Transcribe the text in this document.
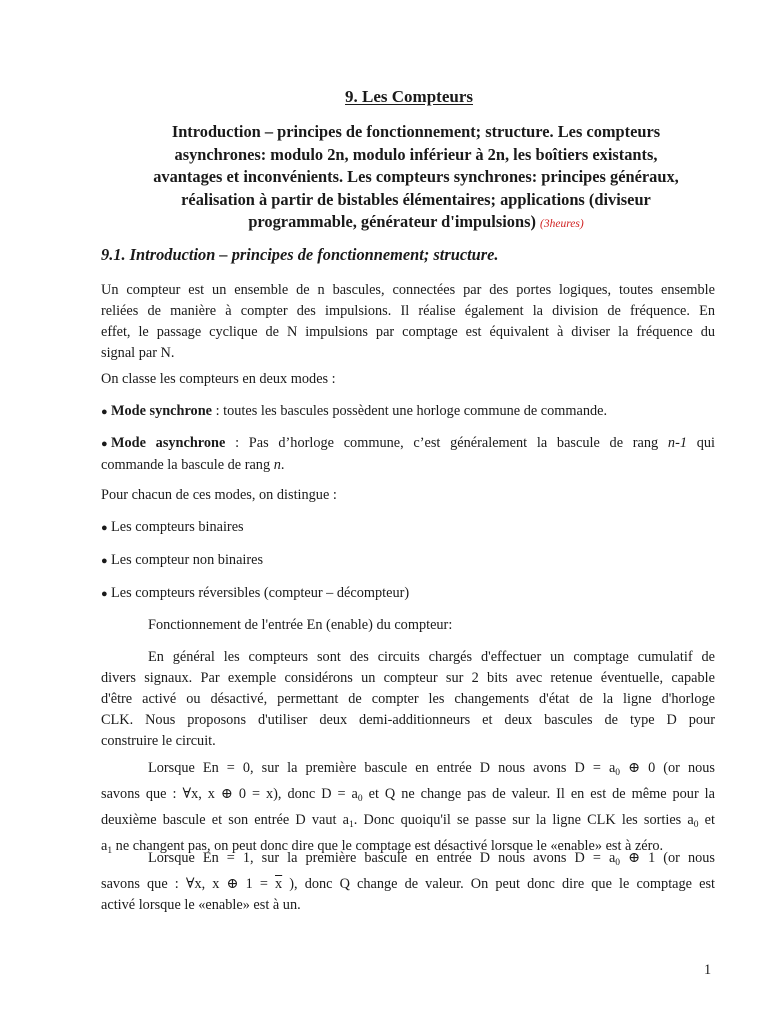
9. Les Compteurs
Introduction – principes de fonctionnement; structure. Les compteurs
asynchrones: modulo 2n, modulo inférieur à 2n, les boîtiers existants,
avantages et inconvénients. Les compteurs synchrones: principes généraux,
réalisation à partir de bistables élémentaires; applications (diviseur
programmable, générateur d'impulsions) (3heures)
9.1. Introduction – principes de fonctionnement; structure.
Un compteur est un ensemble de n bascules, connectées par des portes logiques, toutes ensemble
reliées de manière à compter des impulsions. Il réalise également la division de fréquence. En
effet, le passage cyclique de N impulsions par comptage est équivalent à diviser la fréquence du
signal par N.
On classe les compteurs en deux modes :
● Mode synchrone : toutes les bascules possèdent une horloge commune de commande.
● Mode asynchrone : Pas d’horloge commune, c’est généralement la bascule de rang n-1 qui
commande la bascule de rang n.
Pour chacun de ces modes, on distingue :
● Les compteurs binaires
● Les compteur non binaires
● Les compteurs réversibles (compteur – décompteur)
Fonctionnement de l'entrée En (enable) du compteur:
En général les compteurs sont des circuits chargés d'effectuer un comptage cumulatif de
divers signaux. Par exemple considérons un compteur sur 2 bits avec retenue éventuelle, capable
d'être activé ou désactivé, permettant de compter les changements d'état de la ligne d'horloge
CLK. Nous proposons d'utiliser deux demi-additionneurs et deux bascules de type D pour
construire le circuit.
Lorsque En = 0, sur la première bascule en entrée D nous avons $D = a_0$ ⊕ 0 (or nous
savons que : ∀x, x ⊕ 0 = x), donc $D = a_0$ et Q ne change pas de valeur. Il en est de même pour la
deuxième bascule et son entrée D vaut $a_1$. Donc quoiqu'il se passe sur la ligne CLK les sorties $a_0$ et
$a_1$ ne changent pas, on peut donc dire que le comptage est désactivé lorsque le «enable» est à zéro.
Lorsque En = 1, sur la première bascule en entrée D nous avons $D = a_0$ ⊕ 1 (or nous
savons que : ∀x, x ⊕ $1 = \overline{x}$ ), donc Q change de valeur. On peut donc dire que le comptage est
activé lorsque le «enable» est à un.
1
